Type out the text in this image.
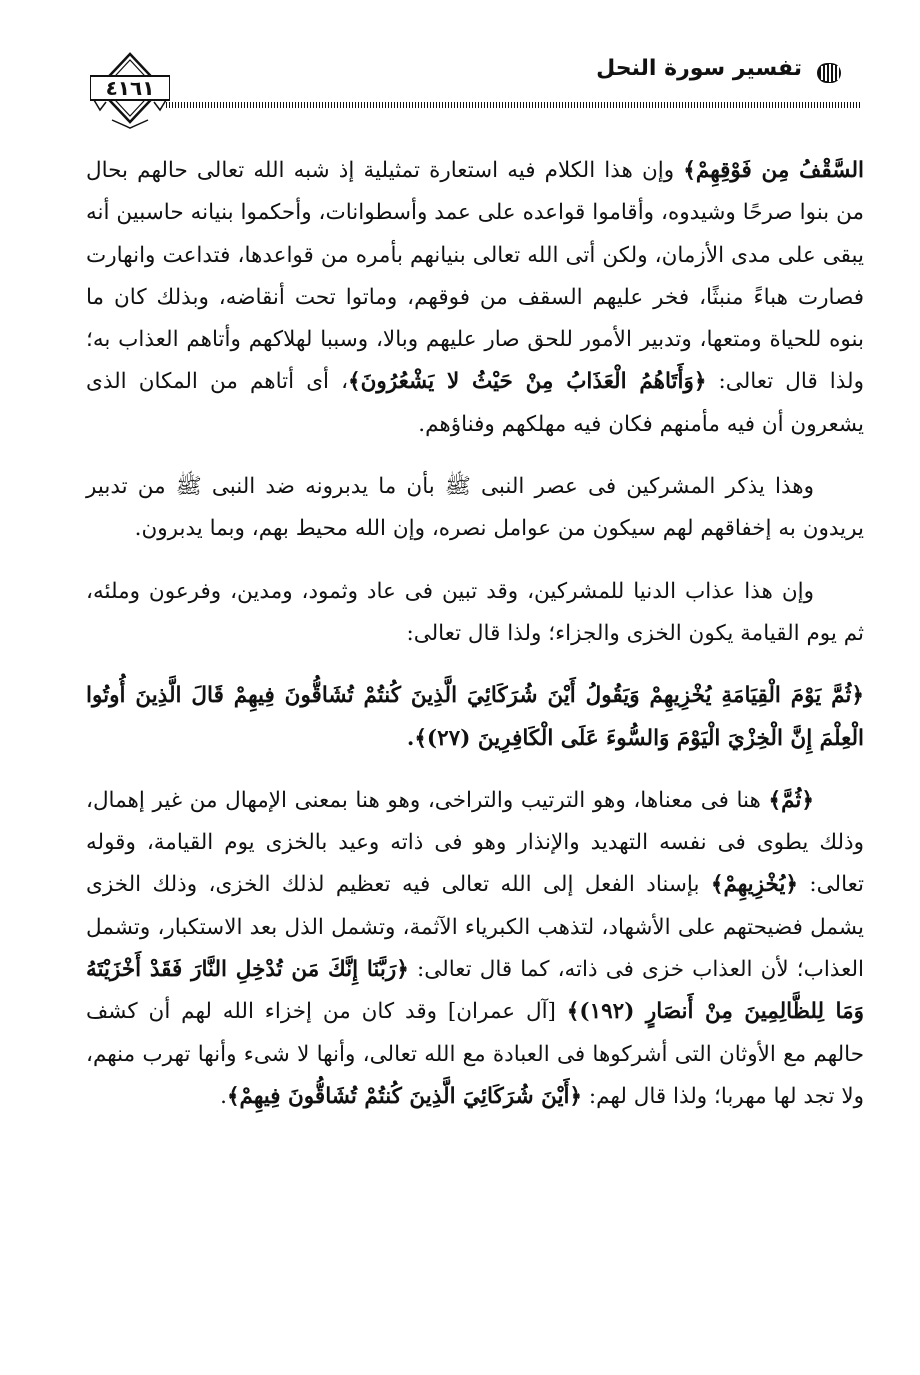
٤١٦١
تفسير سورة النحل

السَّقْفُ مِن فَوْقِهِمْ﴾ وإن هذا الكلام فيه استعارة تمثيلية إذ شبه الله تعالى حالهم بحال من بنوا صرحًا وشيدوه، وأقاموا قواعده على عمد وأسطوانات، وأحكموا بنيانه حاسبين أنه يبقى على مدى الأزمان، ولكن أتى الله تعالى بنيانهم بأمره من قواعدها، فتداعت وانهارت فصارت هباءً منبثًا، فخر عليهم السقف من فوقهم، وماتوا تحت أنقاضه، وبذلك كان ما بنوه للحياة ومتعها، وتدبير الأمور للحق صار عليهم وبالا، وسببا لهلاكهم وأتاهم العذاب به؛ ولذا قال تعالى: ﴿وَأَتَاهُمُ الْعَذَابُ مِنْ حَيْثُ لا يَشْعُرُونَ﴾، أى أتاهم من المكان الذى يشعرون أن فيه مأمنهم فكان فيه مهلكهم وفناؤهم.

وهذا يذكر المشركين فى عصر النبى ﷺ بأن ما يدبرونه ضد النبى ﷺ من تدبير يريدون به إخفاقهم لهم سيكون من عوامل نصره، وإن الله محيط بهم، وبما يدبرون.

وإن هذا عذاب الدنيا للمشركين، وقد تبين فى عاد وثمود، ومدين، وفرعون وملئه، ثم يوم القيامة يكون الخزى والجزاء؛ ولذا قال تعالى:

﴿ثُمَّ يَوْمَ الْقِيَامَةِ يُخْزِيهِمْ وَيَقُولُ أَيْنَ شُرَكَائِيَ الَّذِينَ كُنتُمْ تُشَاقُّونَ فِيهِمْ قَالَ الَّذِينَ أُوتُوا الْعِلْمَ إِنَّ الْخِزْيَ الْيَوْمَ وَالسُّوءَ عَلَى الْكَافِرِينَ (٢٧)﴾.

﴿ثُمَّ﴾ هنا فى معناها، وهو الترتيب والتراخى، وهو هنا بمعنى الإمهال من غير إهمال، وذلك يطوى فى نفسه التهديد والإنذار وهو فى ذاته وعيد بالخزى يوم القيامة، وقوله تعالى: ﴿يُخْزِيهِمْ﴾ بإسناد الفعل إلى الله تعالى فيه تعظيم لذلك الخزى، وذلك الخزى يشمل فضيحتهم على الأشهاد، لتذهب الكبرياء الآثمة، وتشمل الذل بعد الاستكبار، وتشمل العذاب؛ لأن العذاب خزى فى ذاته، كما قال تعالى: ﴿رَبَّنَا إِنَّكَ مَن تُدْخِلِ النَّارَ فَقَدْ أَخْزَيْتَهُ وَمَا لِلظَّالِمِينَ مِنْ أَنصَارٍ (١٩٢)﴾ [آل عمران] وقد كان من إخزاء الله لهم أن كشف حالهم مع الأوثان التى أشركوها فى العبادة مع الله تعالى، وأنها لا شىء وأنها تهرب منهم، ولا تجد لها مهربا؛ ولذا قال لهم: ﴿أَيْنَ شُرَكَائِيَ الَّذِينَ كُنتُمْ تُشَاقُّونَ فِيهِمْ﴾.
